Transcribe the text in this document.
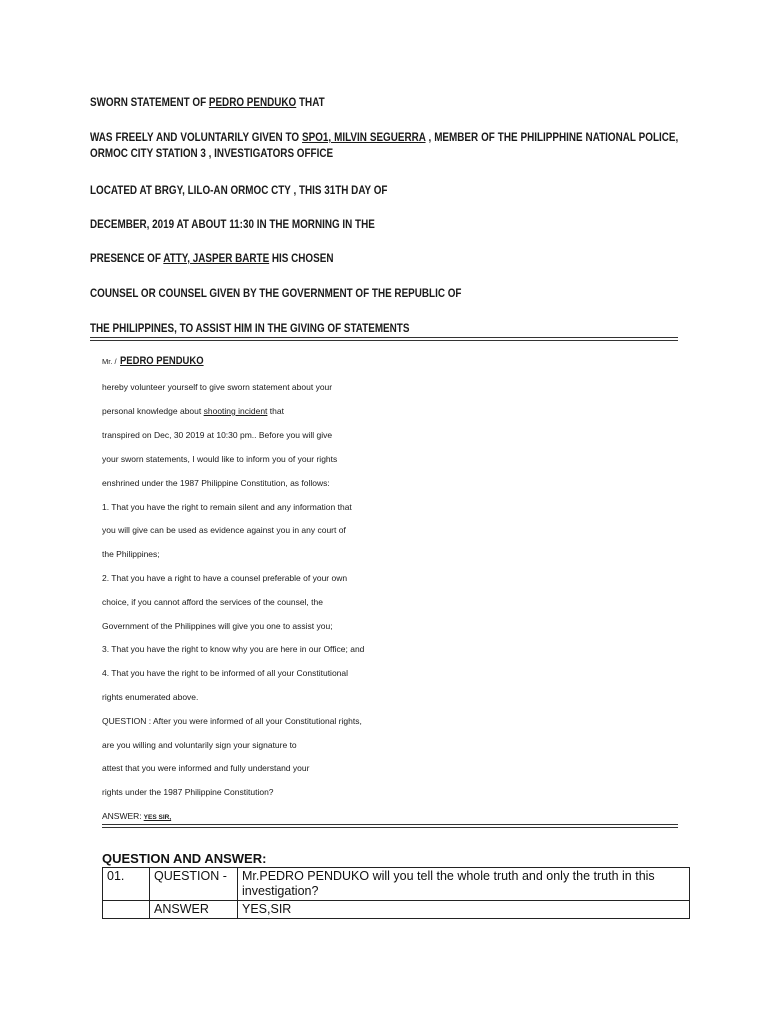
SWORN STATEMENT OF PEDRO PENDUKO THAT

WAS FREELY AND VOLUNTARILY GIVEN TO SPO1, MILVIN SEGUERRA , MEMBER OF THE PHILIPPHINE NATIONAL POLICE, ORMOC CITY STATION 3 , INVESTIGATORS OFFICE

LOCATED AT BRGY, LILO-AN ORMOC CTY , THIS 31TH DAY OF

DECEMBER, 2019 AT ABOUT 11:30 IN THE MORNING IN THE

PRESENCE OF ATTY, JASPER BARTE HIS CHOSEN

COUNSEL OR COUNSEL GIVEN BY THE GOVERNMENT OF THE REPUBLIC OF

THE PHILIPPINES, TO ASSIST HIM IN THE GIVING OF STATEMENTS

Mr. / PEDRO PENDUKO

hereby volunteer yourself to give sworn statement about your

personal knowledge about shooting incident that

transpired on Dec, 30 2019 at 10:30 pm.. Before you will give

your sworn statements, I would like to inform you of your rights

enshrined under the 1987 Philippine Constitution, as follows:

1. That you have the right to remain silent and any information that

you will give can be used as evidence against you in any court of

the Philippines;

2. That you have a right to have a counsel preferable of your own

choice, if you cannot afford the services of the counsel, the

Government of the Philippines will give you one to assist you;

3. That you have the right to know why you are here in our Office; and

4. That you have the right to be informed of all your Constitutional

rights enumerated above.

QUESTION : After you were informed of all your Constitutional rights,

are you willing and voluntarily sign your signature to

attest that you were informed and fully understand your

rights under the 1987 Philippine Constitution?

ANSWER: YES SIR,

QUESTION AND ANSWER:

01.	QUESTION -	Mr.PEDRO PENDUKO will you tell the whole truth and only the truth in this investigation?
	ANSWER	YES,SIR
